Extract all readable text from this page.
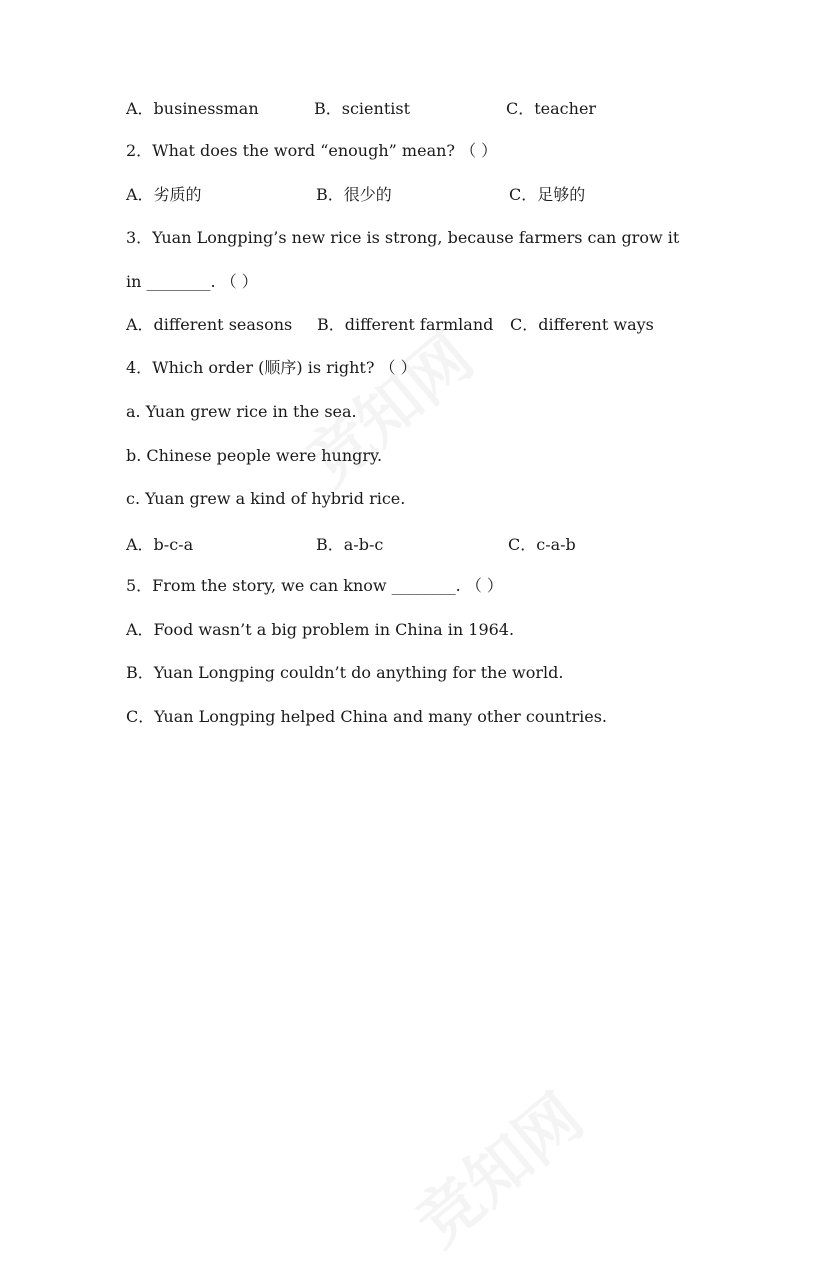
A．businessman	B．scientist	C．teacher
2．What does the word “enough” mean? （ ）
A．劣质的	B．很少的	C．足够的
3．Yuan Longping’s new rice is strong, because farmers can grow it
in ________. （ ）
A．different seasons B．different farmland C．different ways
4．Which order (顺序) is right? （ ）
a. Yuan grew rice in the sea.
b. Chinese people were hungry.
c. Yuan grew a kind of hybrid rice.
A．b-c-a	B．a-b-c	C．c-a-b
5．From the story, we can know ________. （ ）
A．Food wasn’t a big problem in China in 1964.
B．Yuan Longping couldn’t do anything for the world.
C．Yuan Longping helped China and many other countries.
